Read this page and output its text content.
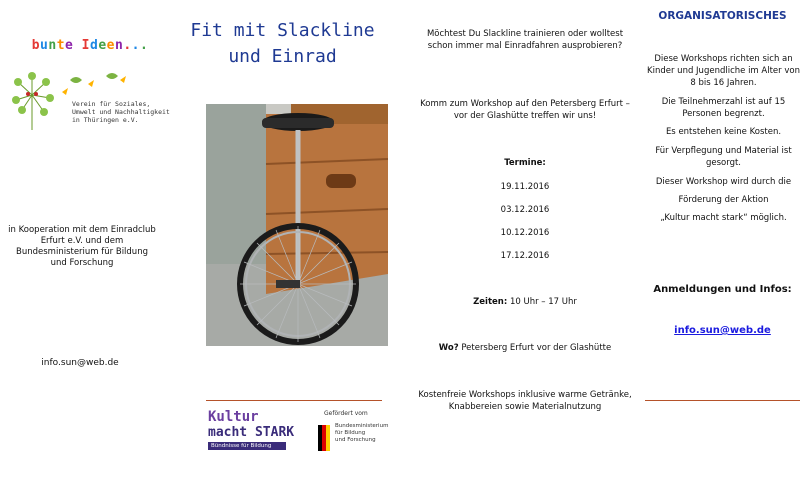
bunte Ideen...
Verein für Soziales,
Umwelt und Nachhaltigkeit
in Thüringen e.V.
in Kooperation mit dem Einradclub Erfurt e.V. und dem Bundesministerium für Bildung und Forschung
info.sun@web.de
Fit mit Slackline
und Einrad
Kultur
macht STARK
Bündnisse für Bildung
Gefördert vom
Bundesministerium
für Bildung
und Forschung
Möchtest Du Slackline trainieren oder wolltest schon immer mal Einradfahren ausprobieren?
Komm zum Workshop auf den Petersberg Erfurt – vor der Glashütte treffen wir uns!
Termine:
19.11.2016
03.12.2016
10.12.2016
17.12.2016
Zeiten: 10 Uhr – 17 Uhr
Wo? Petersberg Erfurt vor der Glashütte
Kostenfreie Workshops inklusive warme Getränke, Knabbereien sowie Materialnutzung
ORGANISATORISCHES
Diese Workshops richten sich an Kinder und Jugendliche im Alter von 8 bis 16 Jahren.
Die Teilnehmerzahl ist auf 15 Personen begrenzt.
Es entstehen keine Kosten.
Für Verpflegung und Material ist gesorgt.
Dieser Workshop wird durch die
Förderung der Aktion
„Kultur macht stark“ möglich.
Anmeldungen und Infos:
info.sun@web.de
